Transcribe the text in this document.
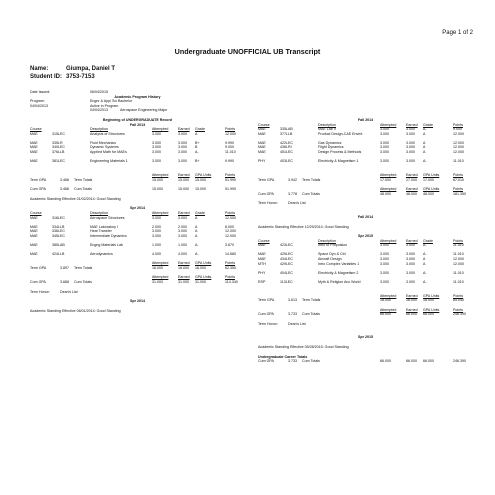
Page 1 of 2
Undergraduate UNOFFICIAL UB Transcript
Name:	Giumpa, Daniel T
Student ID: 3753-7153
Date Issued:	06/04/2015
Academic Program History
Program:	Engnr & Appl Sci Bachelor
04/04/2013	Active in Program
04/04/2013	Aerospace Engineering Major
Beginning of UNDERGRADUATE Record
Fall 2013
Course	Description	Attempted	Earned Grade	Points
MAE	315LEC	Analysis of Structures	3.000	3.000 A	12.000
MAE	335LR	Fluid Mechanics	3.000	3.000 B+	9.990
MAE	340LEC	Dynamic Systems	3.000	3.000 B	9.000
MAE	376LLB	Applied Math for MAEs	3.000	3.000 A-	11.010
MAE	381LEC	Engineering Materials 1	3.000	3.000 B+	9.990
Attempted	Earned GPA Units	Points
Term GPA	3.466 Term Totals	15.000	15.000 15.000	51.990
Cum GPA	3.466 Cum Totals	15.000	15.000 15.000	51.990
Academic Standing Effective 01/02/2014: Good Standing
Spr 2014
Course	Description	Attempted	Earned Grade	Points
MAE	316LEC	Aerospace Structures	3.000	3.000 A	12.000
MAE	334LLB	MAE Laboratory I	2.000	2.000 A	8.000
MAE	336LEC	Heat Transfer	3.000	3.000 A	12.000
MAE	345LEC	Intermediate Dynamics	3.000	3.000 A	12.000
MAE	385LAB	Engng Materials Lab	1.000	1.000 A-	3.670
MAE	424LLB	Aerodynamics	4.000	4.000 A-	14.680
Attempted	Earned GPA Units	Points
Term GPA	3.897 Term Totals	16.000	16.000 16.000	62.350
Attempted	Earned GPA Units	Points
Cum GPA	3.688 Cum Totals	31.000	31.000 31.000	114.340
Term Honor:	Dean's List
Spr 2014
Academic Standing Effective 06/01/2014: Good Standing
Fall 2014
Course	Description	Attempted	Earned Grade	Points
MAE	335LAB	MAE Lab II	3.000	3.000 A-	9.000
MAE	377LLB	Product Design-CAE Envmt	3.000	3.000 A	12.000
MAE	422LEC	Gas Dynamics	3.000	3.000 A	12.000
MAE	436LRI	Flight Dynamics	3.000	3.000 A	12.000
MAE	451LEC	Design Process & Methods	3.000	3.000 A	12.000
PHY	403LEC	Electricity & Magnetism 1	3.000	3.000 A-	11.010
Attempted	Earned GPA Units	Points
Term GPA	3.942 Term Totals	17.000	17.000 17.000	67.010
Attempted	Earned GPA Units	Points
Cum GPA	3.778 Cum Totals	48.000	48.000 48.000	181.350
Term Honor:	Dean's List
Fall 2014
Academic Standing Effective 12/29/2014: Good Standing
Spr 2015
Course	Description	Attempted	Earned Grade	Points
MAE	423LEC	Intro to Propulsion	3.000	3.000 A-	11.010
MAE	425LEC	Space Dyn & Ctrl	3.000	3.000 A-	11.010
MAE	434LEC	Aircraft Design	3.000	3.000 A	12.000
MTH	429LEC	Intro Complex Variables 1	3.000	3.000 A	12.000
PHY	404LEC	Electricity & Magnetism 2	3.000	3.000 A-	11.010
RSP	113LEC	Myth & Religion Anc World	3.000	3.000 A-	11.010
Attempted	Earned GPA Units	Points
Term GPA	3.613 Term Totals	18.000	18.000 18.000	65.040
Attempted	Earned GPA Units	Points
Cum GPA	3.733 Cum Totals	66.000	66.000 66.000	246.390
Term Honor:	Dean's List
Spr 2015
Academic Standing Effective 05/28/2015: Good Standing
Undergraduate Career Totals
Cum GPA	3.733 Cum Totals	66.000	66.000 66.000	246.390
